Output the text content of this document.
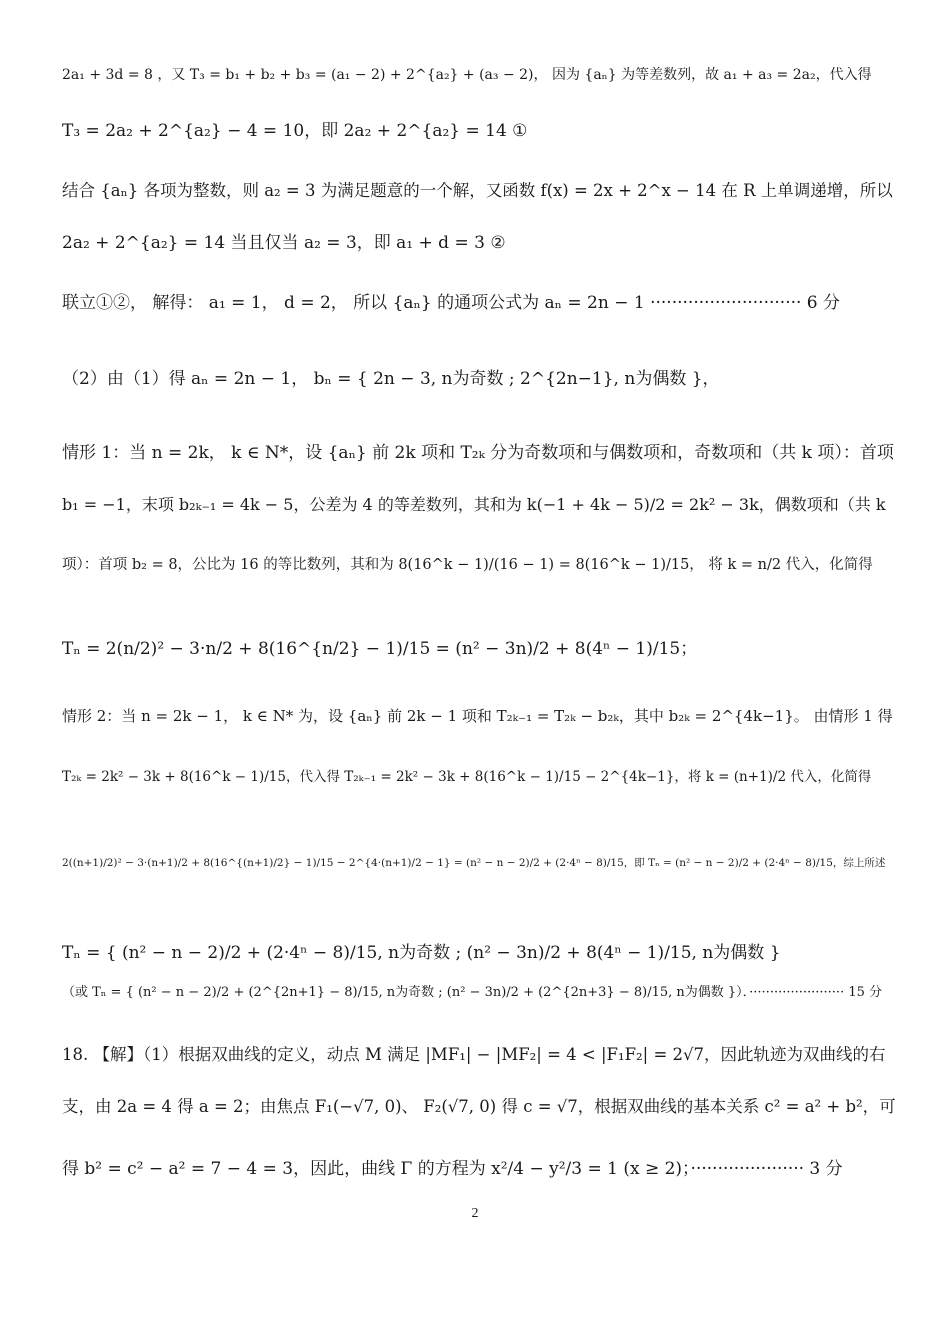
2a₁ + 3d = 8 ，又 T₃ = b₁ + b₂ + b₃ = (a₁ − 2) + 2^{a₂} + (a₃ − 2)， 因为 {aₙ} 为等差数列，故 a₁ + a₃ = 2a₂，代入得
T₃ = 2a₂ + 2^{a₂} − 4 = 10，即 2a₂ + 2^{a₂} = 14 ①
结合 {aₙ} 各项为整数，则 a₂ = 3 为满足题意的一个解，又函数 f(x) = 2x + 2^x − 14 在 R 上单调递增，所以
2a₂ + 2^{a₂} = 14 当且仅当 a₂ = 3，即 a₁ + d = 3 ②
联立①②， 解得： a₁ = 1， d = 2， 所以 {aₙ} 的通项公式为 aₙ = 2n − 1 ···························· 6 分
（2）由（1）得 aₙ = 2n − 1， bₙ = { 2n − 3, n为奇数 ; 2^{2n−1}, n为偶数 }，
情形 1：当 n = 2k， k ∈ N*，设 {aₙ} 前 2k 项和 T₂ₖ 分为奇数项和与偶数项和，奇数项和（共 k 项）：首项
b₁ = −1，末项 b₂ₖ₋₁ = 4k − 5，公差为 4 的等差数列，其和为 k(−1 + 4k − 5)/2 = 2k² − 3k，偶数项和（共 k
项）：首项 b₂ = 8，公比为 16 的等比数列，其和为 8(16^k − 1)/(16 − 1) = 8(16^k − 1)/15， 将 k = n/2 代入，化简得
Tₙ = 2(n/2)² − 3·n/2 + 8(16^{n/2} − 1)/15 = (n² − 3n)/2 + 8(4ⁿ − 1)/15；
情形 2：当 n = 2k − 1， k ∈ N* 为，设 {aₙ} 前 2k − 1 项和 T₂ₖ₋₁ = T₂ₖ − b₂ₖ，其中 b₂ₖ = 2^{4k−1}。 由情形 1 得
T₂ₖ = 2k² − 3k + 8(16^k − 1)/15，代入得 T₂ₖ₋₁ = 2k² − 3k + 8(16^k − 1)/15 − 2^{4k−1}，将 k = (n+1)/2 代入，化简得
2((n+1)/2)² − 3·(n+1)/2 + 8(16^{(n+1)/2} − 1)/15 − 2^{4·(n+1)/2 − 1} = (n² − n − 2)/2 + (2·4ⁿ − 8)/15，即 Tₙ = (n² − n − 2)/2 + (2·4ⁿ − 8)/15，综上所述
Tₙ = { (n² − n − 2)/2 + (2·4ⁿ − 8)/15, n为奇数 ; (n² − 3n)/2 + 8(4ⁿ − 1)/15, n为偶数 }
（或 Tₙ = { (n² − n − 2)/2 + (2^{2n+1} − 8)/15, n为奇数 ; (n² − 3n)/2 + (2^{2n+3} − 8)/15, n为偶数 }）．······················· 15 分
18. 【解】（1）根据双曲线的定义，动点 M 满足 |MF₁| − |MF₂| = 4 < |F₁F₂| = 2√7，因此轨迹为双曲线的右
支，由 2a = 4 得 a = 2；由焦点 F₁(−√7, 0)、 F₂(√7, 0) 得 c = √7，根据双曲线的基本关系 c² = a² + b²，可
得 b² = c² − a² = 7 − 4 = 3，因此，曲线 Γ 的方程为 x²/4 − y²/3 = 1 (x ≥ 2)；····················· 3 分
2
